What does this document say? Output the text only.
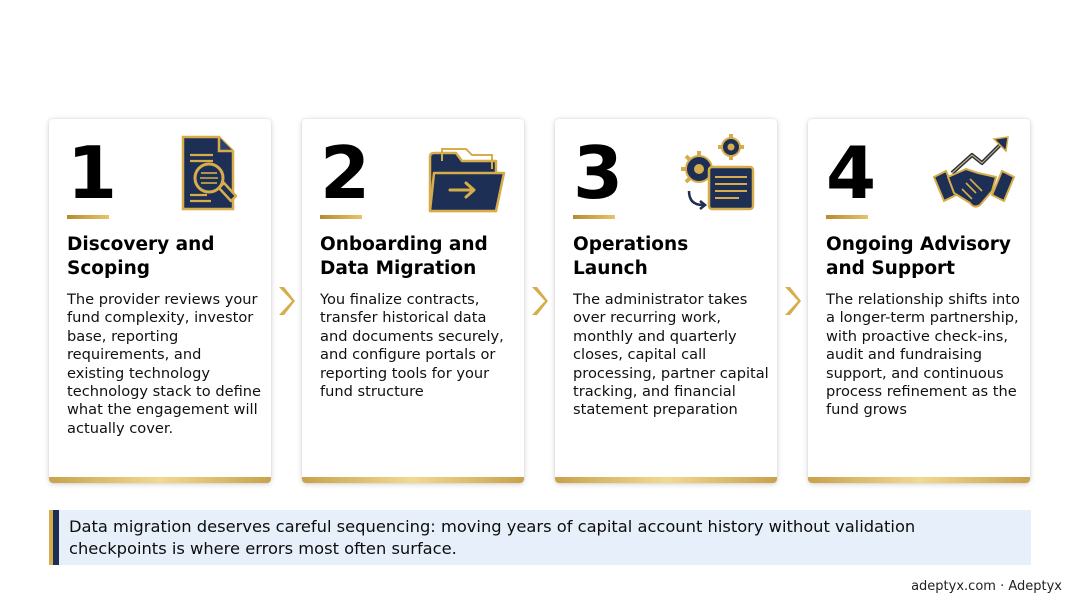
1
Discovery and Scoping
The provider reviews your fund complexity, investor base, reporting requirements, and existing technology technology stack to define what the engagement will actually cover.
2
Onboarding and Data Migration
You finalize contracts, transfer historical data and documents securely, and configure portals or reporting tools for your fund structure
3
Operations Launch
The administrator takes over recurring work, monthly and quarterly closes, capital call processing, partner capital tracking, and financial statement preparation
4
Ongoing Advisory and Support
The relationship shifts into a longer-term partnership, with proactive check-ins, audit and fundraising support, and continuous process refinement as the fund grows
Data migration deserves careful sequencing: moving years of capital account history without validation checkpoints is where errors most often surface.
adeptyx.com · Adeptyx
